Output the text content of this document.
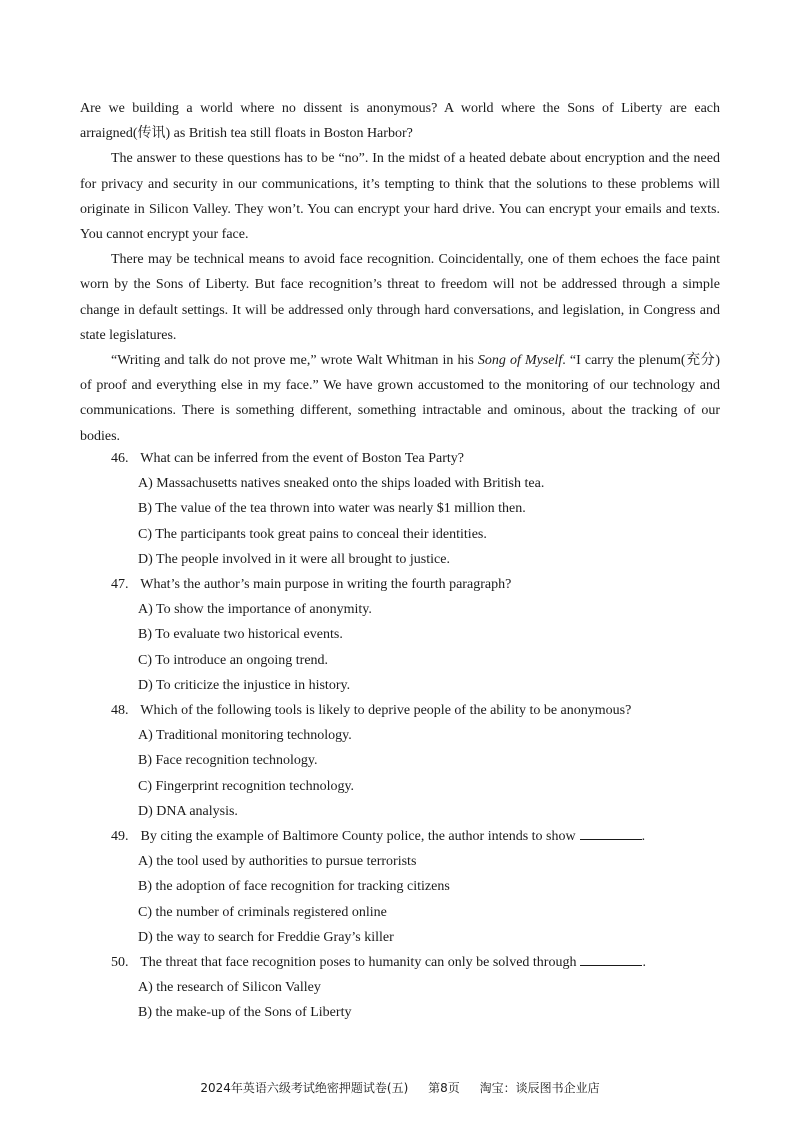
Are we building a world where no dissent is anonymous? A world where the Sons of Liberty are each arraigned(传讯) as British tea still floats in Boston Harbor?

The answer to these questions has to be “no”. In the midst of a heated debate about encryption and the need for privacy and security in our communications, it’s tempting to think that the solutions to these problems will originate in Silicon Valley. They won’t. You can encrypt your hard drive. You can encrypt your emails and texts. You cannot encrypt your face.

There may be technical means to avoid face recognition. Coincidentally, one of them echoes the face paint worn by the Sons of Liberty. But face recognition’s threat to freedom will not be addressed through a simple change in default settings. It will be addressed only through hard conversations, and legislation, in Congress and state legislatures.

“Writing and talk do not prove me,” wrote Walt Whitman in his Song of Myself. “I carry the plenum(充分) of proof and everything else in my face.” We have grown accustomed to the monitoring of our technology and communications. There is something different, something intractable and ominous, about the tracking of our bodies.

46. What can be inferred from the event of Boston Tea Party?

A) Massachusetts natives sneaked onto the ships loaded with British tea.

B) The value of the tea thrown into water was nearly $1 million then.

C) The participants took great pains to conceal their identities.

D) The people involved in it were all brought to justice.

47. What’s the author’s main purpose in writing the fourth paragraph?

A) To show the importance of anonymity.

B) To evaluate two historical events.

C) To introduce an ongoing trend.

D) To criticize the injustice in history.

48. Which of the following tools is likely to deprive people of the ability to be anonymous?

A) Traditional monitoring technology.

B) Face recognition technology.

C) Fingerprint recognition technology.

D) DNA analysis.

49. By citing the example of Baltimore County police, the author intends to show	.

A) the tool used by authorities to pursue terrorists

B) the adoption of face recognition for tracking citizens

C) the number of criminals registered online

D) the way to search for Freddie Gray’s killer

50. The threat that face recognition poses to humanity can only be solved through	.

A) the research of Silicon Valley

B) the make-up of the Sons of Liberty

2024年英语六级考试绝密押题试卷(五) 第8页 淘宝：谈辰图书企业店
